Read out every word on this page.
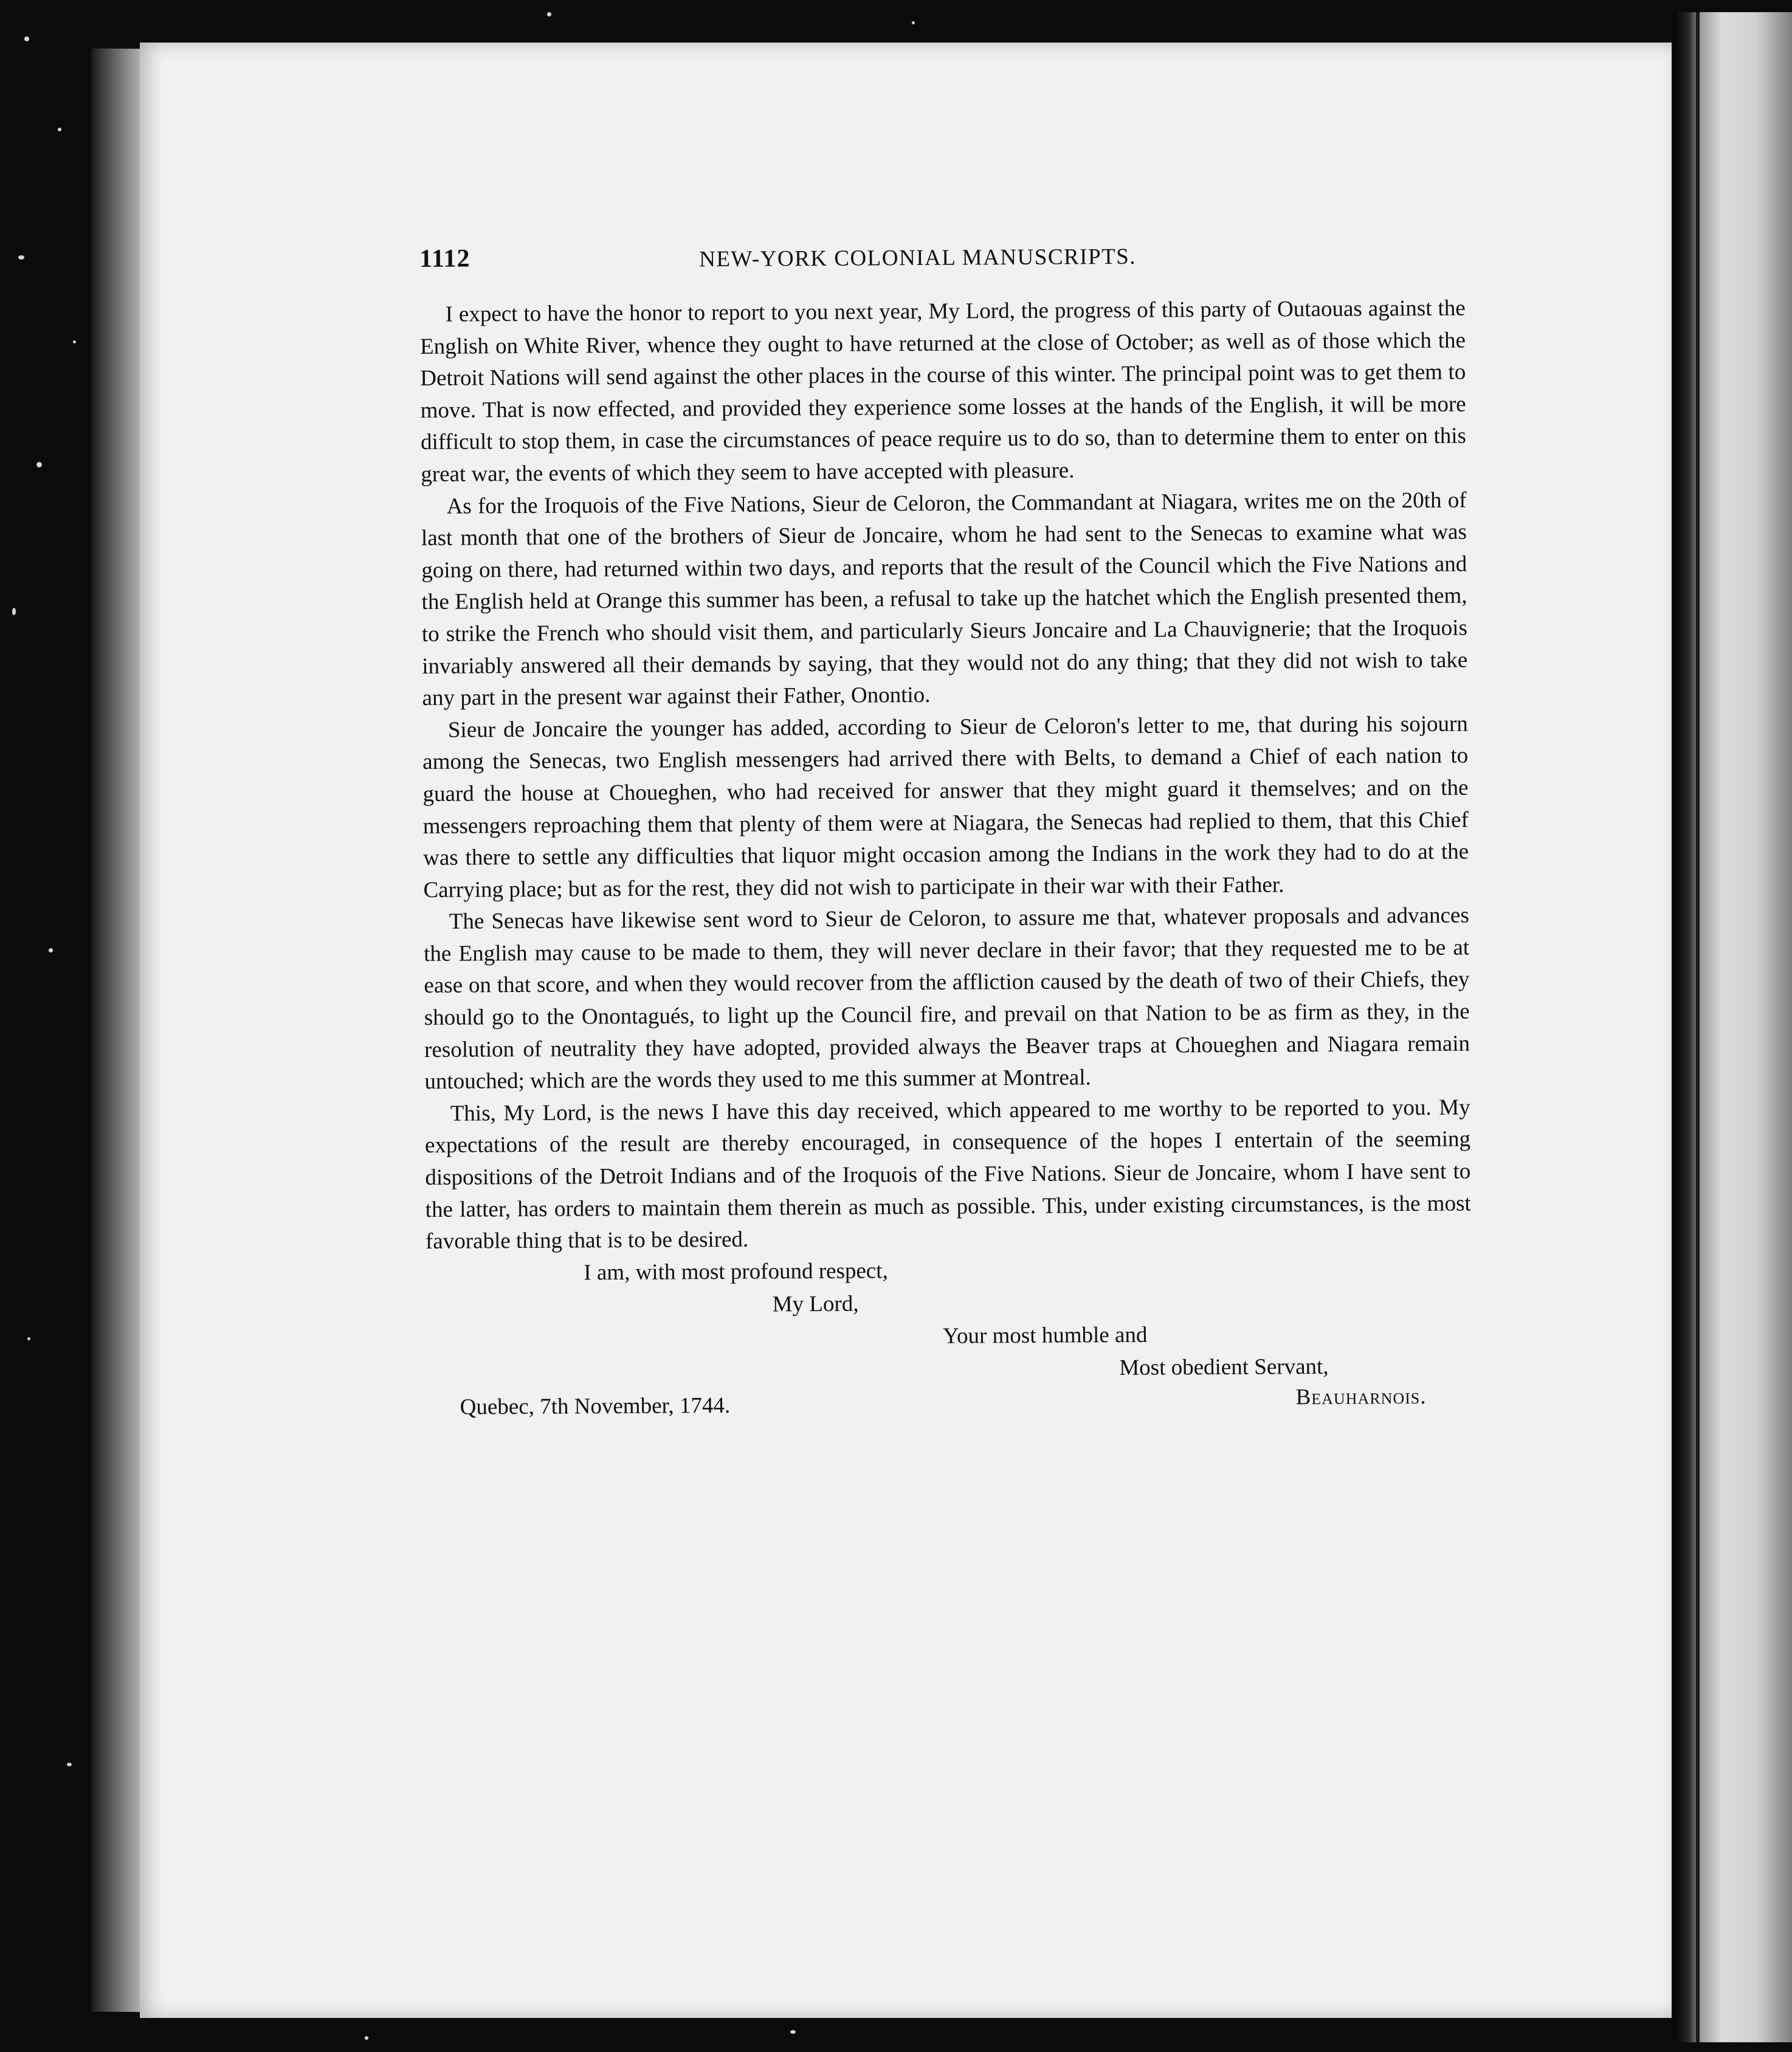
1112	NEW-YORK COLONIAL MANUSCRIPTS.

I expect to have the honor to report to you next year, My Lord, the progress of this party of Outaouas against the English on White River, whence they ought to have returned at the close of October; as well as of those which the Detroit Nations will send against the other places in the course of this winter. The principal point was to get them to move. That is now effected, and provided they experience some losses at the hands of the English, it will be more difficult to stop them, in case the circumstances of peace require us to do so, than to determine them to enter on this great war, the events of which they seem to have accepted with pleasure.

As for the Iroquois of the Five Nations, Sieur de Celoron, the Commandant at Niagara, writes me on the 20th of last month that one of the brothers of Sieur de Joncaire, whom he had sent to the Senecas to examine what was going on there, had returned within two days, and reports that the result of the Council which the Five Nations and the English held at Orange this summer has been, a refusal to take up the hatchet which the English presented them, to strike the French who should visit them, and particularly Sieurs Joncaire and La Chauvignerie; that the Iroquois invariably answered all their demands by saying, that they would not do any thing; that they did not wish to take any part in the present war against their Father, Onontio.

Sieur de Joncaire the younger has added, according to Sieur de Celoron's letter to me, that during his sojourn among the Senecas, two English messengers had arrived there with Belts, to demand a Chief of each nation to guard the house at Choueghen, who had received for answer that they might guard it themselves; and on the messengers reproaching them that plenty of them were at Niagara, the Senecas had replied to them, that this Chief was there to settle any difficulties that liquor might occasion among the Indians in the work they had to do at the Carrying place; but as for the rest, they did not wish to participate in their war with their Father.

The Senecas have likewise sent word to Sieur de Celoron, to assure me that, whatever proposals and advances the English may cause to be made to them, they will never declare in their favor; that they requested me to be at ease on that score, and when they would recover from the affliction caused by the death of two of their Chiefs, they should go to the Onontagués, to light up the Council fire, and prevail on that Nation to be as firm as they, in the resolution of neutrality they have adopted, provided always the Beaver traps at Choueghen and Niagara remain untouched; which are the words they used to me this summer at Montreal.

This, My Lord, is the news I have this day received, which appeared to me worthy to be reported to you. My expectations of the result are thereby encouraged, in consequence of the hopes I entertain of the seeming dispositions of the Detroit Indians and of the Iroquois of the Five Nations. Sieur de Joncaire, whom I have sent to the latter, has orders to maintain them therein as much as possible. This, under existing circumstances, is the most favorable thing that is to be desired.

I am, with most profound respect,
My Lord,
Your most humble and
Most obedient Servant,
Quebec, 7th November, 1744.	Beauharnois.
